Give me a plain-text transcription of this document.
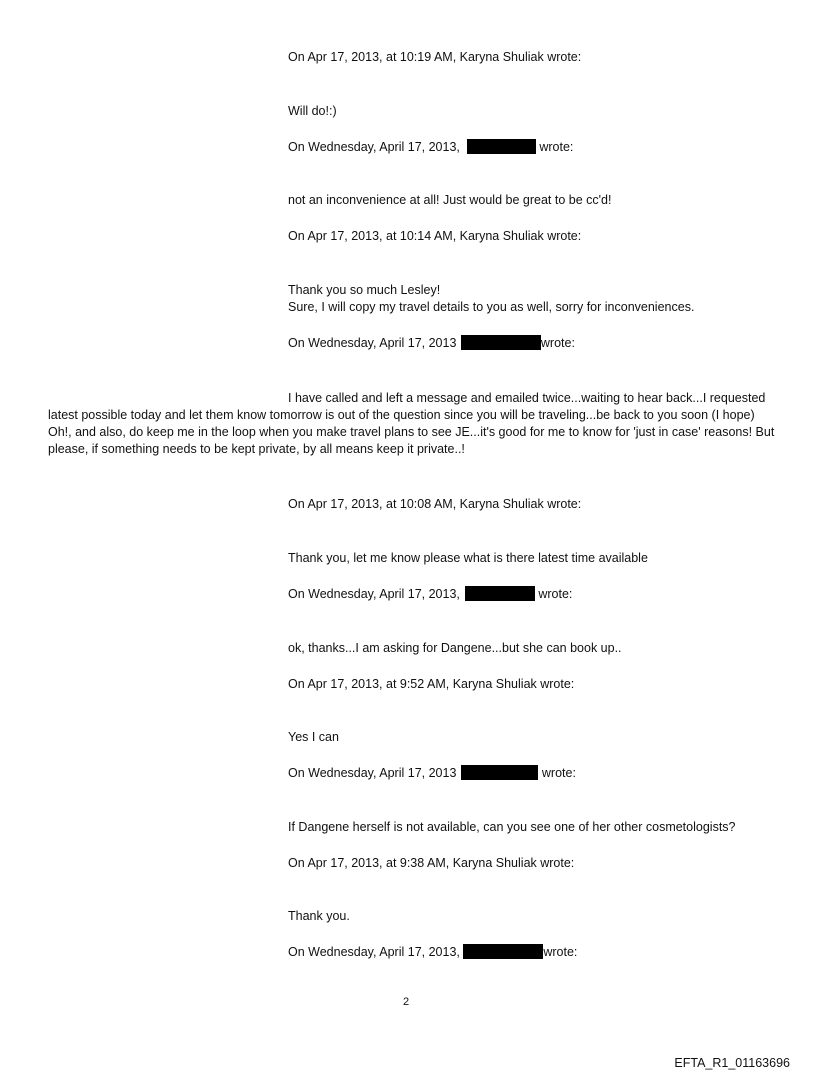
On Apr 17, 2013, at 10:19 AM, Karyna Shuliak wrote:
Will do!:)
On Wednesday, April 17, 2013,	wrote:
not an inconvenience at all! Just would be great to be cc'd!
On Apr 17, 2013, at 10:14 AM, Karyna Shuliak wrote:
Thank you so much Lesley!
Sure, I will copy my travel details to you as well, sorry for inconveniences.
On Wednesday, April 17, 2013	wrote:
I have called and left a message and emailed twice...waiting to hear back...I requested latest possible today and let them know tomorrow is out of the question since you will be traveling...be back to you soon (I hope) Oh!, and also, do keep me in the loop when you make travel plans to see JE...it's good for me to know for 'just in case' reasons! But please, if something needs to be kept private, by all means keep it private..!
On Apr 17, 2013, at 10:08 AM, Karyna Shuliak wrote:
Thank you, let me know please what is there latest time available
On Wednesday, April 17, 2013,	wrote:
ok, thanks...I am asking for Dangene...but she can book up..
On Apr 17, 2013, at 9:52 AM, Karyna Shuliak wrote:
Yes I can
On Wednesday, April 17, 2013	wrote:
If Dangene herself is not available, can you see one of her other cosmetologists?
On Apr 17, 2013, at 9:38 AM, Karyna Shuliak wrote:
Thank you.
On Wednesday, April 17, 2013,	wrote:
2
EFTA_R1_01163696
